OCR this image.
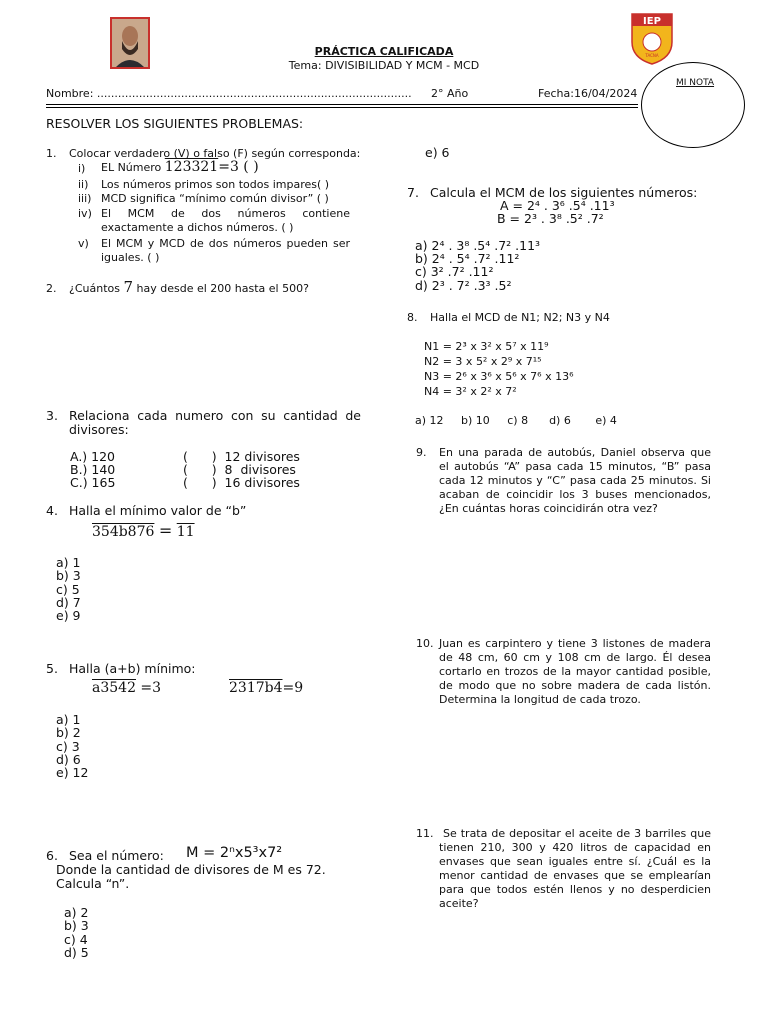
IEP
TACNA
PRÁCTICA CALIFICADA
Tema: DIVISIBILIDAD Y MCM - MCD
Nombre: .......................................................................................... 2° Año	Fecha:16/04/2024
MI NOTA
RESOLVER LOS SIGUIENTES PROBLEMAS:
1. Colocar verdadero (V) o falso (F) según corresponda:
i) EL Número 123321=3 ( )
ii) Los números primos son todos impares( )
iii) MCD significa “mínimo común divisor” ( )
iv) El MCM de dos números contiene exactamente a dichos números. ( )
v) El MCM y MCD de dos números pueden ser iguales. ( )
2. ¿Cuántos 7 hay desde el 200 hasta el 500?
3. Relaciona cada numero con su cantidad de divisores:
A.) 120	(      )  12 divisores
B.) 140	(      )  8  divisores
C.) 165	(      )  16 divisores
4. Halla el mínimo valor de “b”
354b876 = 11
a) 1
b) 3
c) 5
d) 7
e) 9
5. Halla (a+b) mínimo:
a3542 =3	2317b4=9
a) 1
b) 2
c) 3
d) 6
e) 12
6. Sea el número: M = 2ⁿx5³x7²
Donde la cantidad de divisores de M es 72.
Calcula “n”.
a) 2
b) 3
c) 4
d) 5
e) 6
7. Calcula el MCM de los siguientes números:
A = 2⁴ . 3⁶ .5⁴ .11³
B = 2³ . 3⁸ .5² .7²
a) 2⁴ . 3⁸ .5⁴ .7² .11³
b) 2⁴ . 5⁴ .7² .11²
c) 3² .7² .11²
d) 2³ . 7² .3³ .5²
8. Halla el MCD de N1; N2; N3 y N4
N1 = 2³ x 3² x 5⁷ x 11⁹
N2 = 3 x 5² x 2⁹ x 7¹⁵
N3 = 2⁶ x 3⁶ x 5⁶ x 7⁶ x 13⁶
N4 = 3² x 2² x 7²
a) 12     b) 10     c) 8      d) 6       e) 4
9. En una parada de autobús, Daniel observa que el autobús “A” pasa cada 15 minutos, “B” pasa cada 12 minutos y “C” pasa cada 25 minutos. Si acaban de coincidir los 3 buses mencionados, ¿En cuántas horas coincidirán otra vez?
10. Juan es carpintero y tiene 3 listones de madera de 48 cm, 60 cm y 108 cm de largo. Él desea cortarlo en trozos de la mayor cantidad posible, de modo que no sobre madera de cada listón. Determina la longitud de cada trozo.
11. Se trata de depositar el aceite de 3 barriles que tienen 210, 300 y 420 litros de capacidad en envases que sean iguales entre sí. ¿Cuál es la menor cantidad de envases que se emplearían para que todos estén llenos y no desperdicien aceite?
